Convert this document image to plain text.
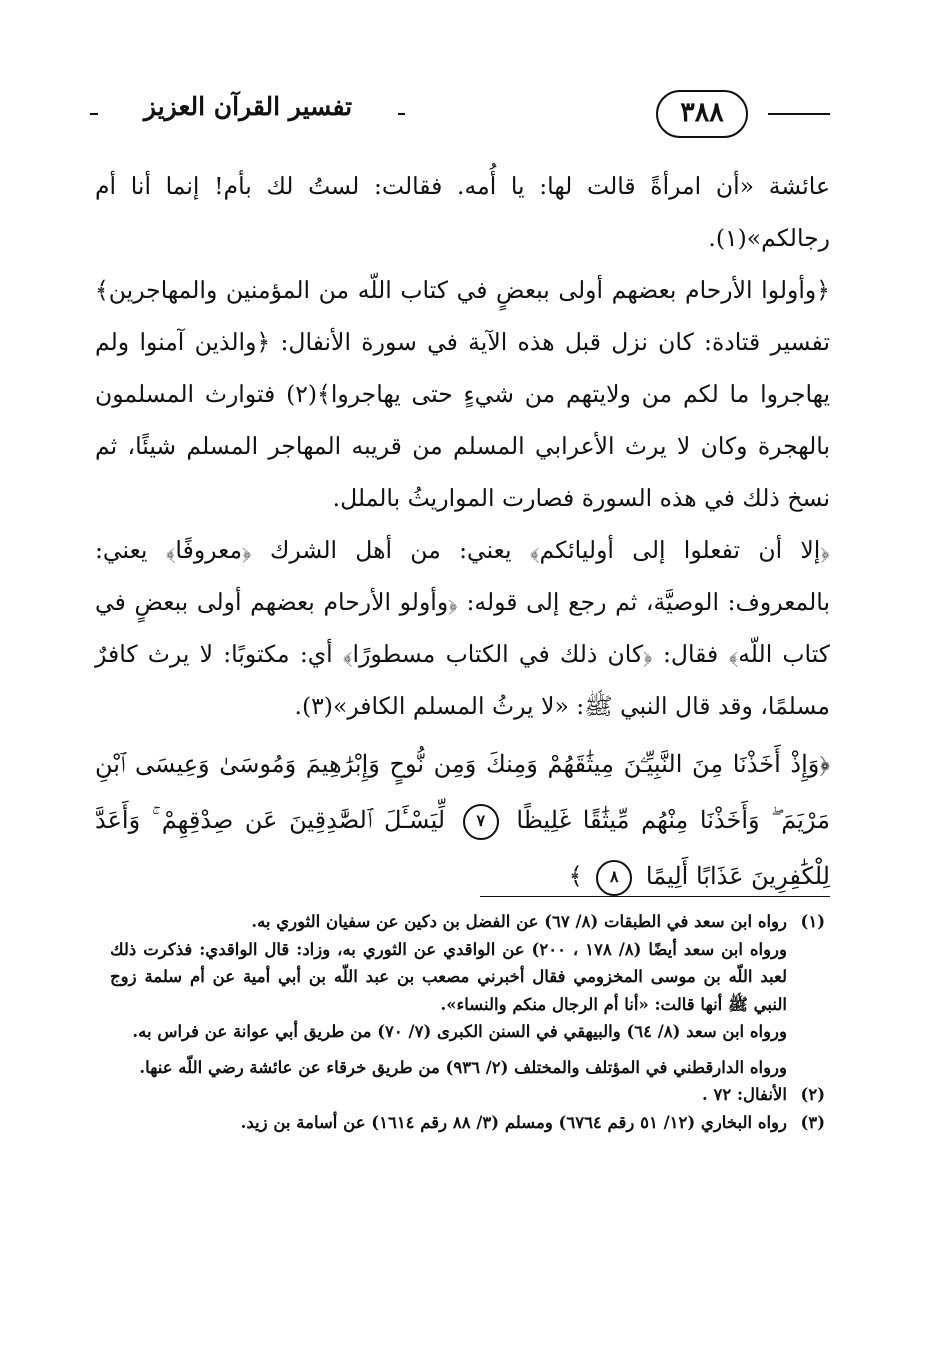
٣٨٨
تفسير القرآن العزيز

عائشة «أن امرأةً قالت لها: يا أُمه. فقالت: لستُ لك بأم! إنما أنا أم رجالكم»(١).

﴿وأولوا الأرحام بعضهم أولى ببعضٍ في كتاب اللّه من المؤمنين والمهاجرين﴾ تفسير قتادة: كان نزل قبل هذه الآية في سورة الأنفال: ﴿والذين آمنوا ولم يهاجروا ما لكم من ولايتهم من شيءٍ حتى يهاجروا﴾(٢) فتوارث المسلمون بالهجرة وكان لا يرث الأعرابي المسلم من قريبه المهاجر المسلم شيئًا، ثم نسخ ذلك في هذه السورة فصارت المواريثُ بالملل.

﴿إلا أن تفعلوا إلى أوليائكم﴾ يعني: من أهل الشرك ﴿معروفًا﴾ يعني: بالمعروف: الوصيَّة، ثم رجع إلى قوله: ﴿وأولو الأرحام بعضهم أولى ببعضٍ في كتاب اللّه﴾ فقال: ﴿كان ذلك في الكتاب مسطورًا﴾ أي: مكتوبًا: لا يرث كافرٌ مسلمًا، وقد قال النبي ﷺ: «لا يرثُ المسلم الكافر»(٣).

﴿وَإِذْ أَخَذْنَا مِنَ النَّبِيِّـۧنَ مِيثَٰقَهُمْ وَمِنكَ وَمِن نُّوحٍ وَإِبْرَٰهِيمَ وَمُوسَىٰ وَعِيسَى ٱبْنِ مَرْيَمَ ۖ وَأَخَذْنَا مِنْهُم مِّيثَٰقًا غَلِيظًا ٧ لِّيَسْـَٔلَ ٱلصَّٰدِقِينَ عَن صِدْقِهِمْ ۚ وَأَعَدَّ لِلْكَٰفِرِينَ عَذَابًا أَلِيمًا ٨ ﴾

(١)رواه ابن سعد في الطبقات (٨/ ٦٧) عن الفضل بن دكين عن سفيان الثوري به.

ورواه ابن سعد أيضًا (٨/ ١٧٨ ، ٢٠٠) عن الواقدي عن الثوري به، وزاد: قال الواقدي: فذكرت ذلك لعبد اللّه بن موسى المخزومي فقال أخبرني مصعب بن عبد اللّه بن أبي أمية عن أم سلمة زوج النبي ﷺ أنها قالت: «أنا أم الرجال منكم والنساء».

ورواه ابن سعد (٨/ ٦٤) والبيهقي في السنن الكبرى (٧/ ٧٠) من طريق أبي عوانة عن فراس به.

ورواه الدارقطني في المؤتلف والمختلف (٢/ ٩٣٦) من طريق خرقاء عن عائشة رضي اللّه عنها.

(٢)الأنفال: ٧٢ .

(٣)رواه البخاري (١٢/ ٥١ رقم ٦٧٦٤) ومسلم (٣/ ٨٨ رقم ١٦١٤) عن أسامة بن زيد.
